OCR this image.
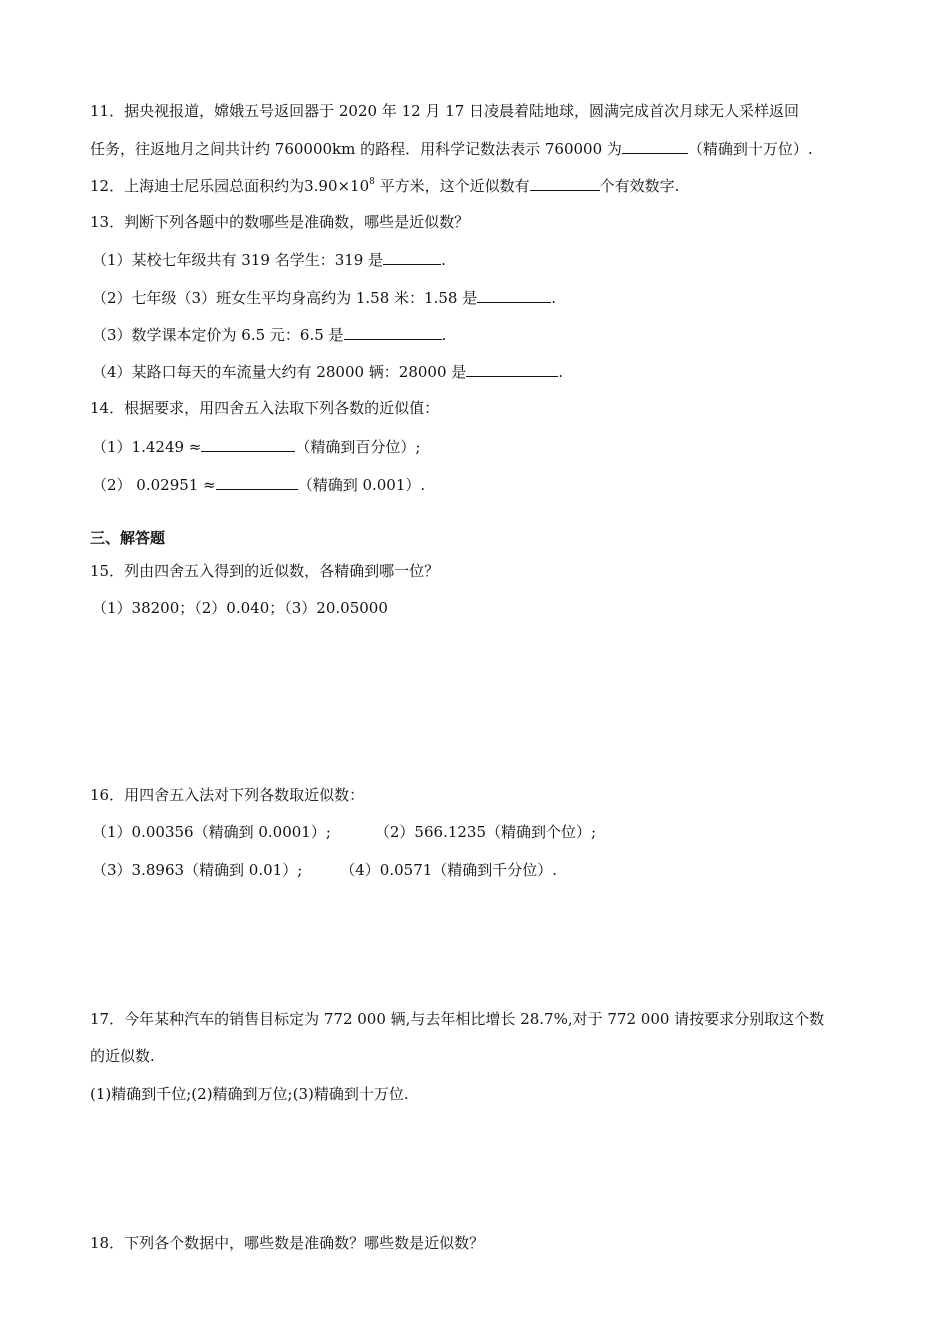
11．据央视报道，嫦娥五号返回器于 2020 年 12 月 17 日凌晨着陆地球，圆满完成首次月球无人采样返回
任务，往返地月之间共计约 760000km 的路程．用科学记数法表示 760000 为	（精确到十万位）.
12．上海迪士尼乐园总面积约为$3.90\times 10^8$ 平方米，这个近似数有	个有效数字.
13．判断下列各题中的数哪些是准确数，哪些是近似数？
（1）某校七年级共有 319 名学生：319 是	.
（2）七年级（3）班女生平均身高约为 1.58 米：1.58 是	.
（3）数学课本定价为 6.5 元：6.5 是	.
（4）某路口每天的车流量大约有 28000 辆：28000 是	.
14．根据要求，用四舍五入法取下列各数的近似值：
（1）1.4249 ≈	（精确到百分位）;
（2） 0.02951 ≈	（精确到 0.001）.
三、解答题
15．列由四舍五入得到的近似数，各精确到哪一位？
（1）38200；（2）0.040；（3）20.05000
16．用四舍五入法对下列各数取近似数：
（1）0.00356（精确到 0.0001）;	（2）566.1235（精确到个位）;
（3）3.8963（精确到 0.01）;	（4）0.0571（精确到千分位）.
17．今年某种汽车的销售目标定为 772 000 辆,与去年相比增长 28.7%,对于 772 000 请按要求分别取这个数
的近似数.
(1)精确到千位;(2)精确到万位;(3)精确到十万位.
18．下列各个数据中，哪些数是准确数？哪些数是近似数？
